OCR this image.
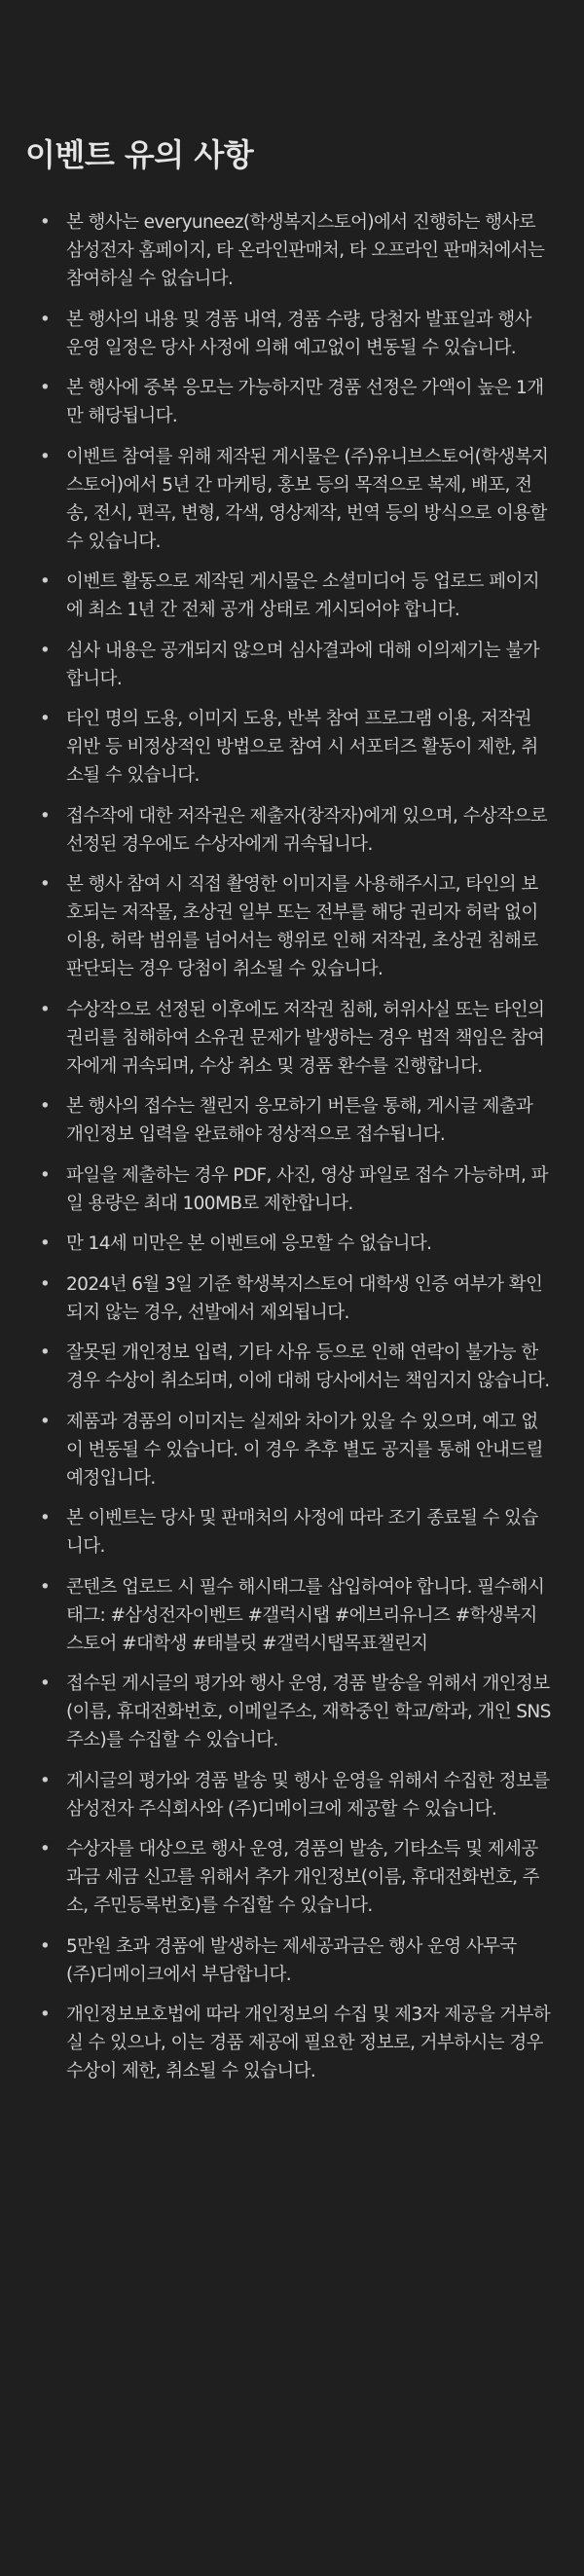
이벤트 유의 사항
• 본 행사는 everyuneez(학생복지스토어)에서 진행하는 행사로 삼성전자 홈페이지, 타 온라인판매처, 타 오프라인 판매처에서는 참여하실 수 없습니다.
• 본 행사의 내용 및 경품 내역, 경품 수량, 당첨자 발표일과 행사 운영 일정은 당사 사정에 의해 예고없이 변동될 수 있습니다.
• 본 행사에 중복 응모는 가능하지만 경품 선정은 가액이 높은 1개만 해당됩니다.
• 이벤트 참여를 위해 제작된 게시물은 (주)유니브스토어(학생복지스토어)에서 5년 간 마케팅, 홍보 등의 목적으로 복제, 배포, 전송, 전시, 편곡, 변형, 각색, 영상제작, 번역 등의 방식으로 이용할 수 있습니다.
• 이벤트 활동으로 제작된 게시물은 소셜미디어 등 업로드 페이지에 최소 1년 간 전체 공개 상태로 게시되어야 합니다.
• 심사 내용은 공개되지 않으며 심사결과에 대해 이의제기는 불가합니다.
• 타인 명의 도용, 이미지 도용, 반복 참여 프로그램 이용, 저작권 위반 등 비정상적인 방법으로 참여 시 서포터즈 활동이 제한, 취소될 수 있습니다.
• 접수작에 대한 저작권은 제출자(창작자)에게 있으며, 수상작으로 선정된 경우에도 수상자에게 귀속됩니다.
• 본 행사 참여 시 직접 촬영한 이미지를 사용해주시고, 타인의 보호되는 저작물, 초상권 일부 또는 전부를 해당 권리자 허락 없이 이용, 허락 범위를 넘어서는 행위로 인해 저작권, 초상권 침해로 판단되는 경우 당첨이 취소될 수 있습니다.
• 수상작으로 선정된 이후에도 저작권 침해, 허위사실 또는 타인의 권리를 침해하여 소유권 문제가 발생하는 경우 법적 책임은 참여자에게 귀속되며, 수상 취소 및 경품 환수를 진행합니다.
• 본 행사의 접수는 챌린지 응모하기 버튼을 통해, 게시글 제출과 개인정보 입력을 완료해야 정상적으로 접수됩니다.
• 파일을 제출하는 경우 PDF, 사진, 영상 파일로 접수 가능하며, 파일 용량은 최대 100MB로 제한합니다.
• 만 14세 미만은 본 이벤트에 응모할 수 없습니다.
• 2024년 6월 3일 기준 학생복지스토어 대학생 인증 여부가 확인되지 않는 경우, 선발에서 제외됩니다.
• 잘못된 개인정보 입력, 기타 사유 등으로 인해 연락이 불가능 한 경우 수상이 취소되며, 이에 대해 당사에서는 책임지지 않습니다.
• 제품과 경품의 이미지는 실제와 차이가 있을 수 있으며, 예고 없이 변동될 수 있습니다. 이 경우 추후 별도 공지를 통해 안내드릴 예정입니다.
• 본 이벤트는 당사 및 판매처의 사정에 따라 조기 종료될 수 있습니다.
• 콘텐츠 업로드 시 필수 해시태그를 삽입하여야 합니다. 필수해시태그: #삼성전자이벤트 #갤럭시탭 #에브리유니즈 #학생복지스토어 #대학생 #태블릿 #갤럭시탭목표챌린지
• 접수된 게시글의 평가와 행사 운영, 경품 발송을 위해서 개인정보(이름, 휴대전화번호, 이메일주소, 재학중인 학교/학과, 개인 SNS주소)를 수집할 수 있습니다.
• 게시글의 평가와 경품 발송 및 행사 운영을 위해서 수집한 정보를 삼성전자 주식회사와 (주)디메이크에 제공할 수 있습니다.
• 수상자를 대상으로 행사 운영, 경품의 발송, 기타소득 및 제세공과금 세금 신고를 위해서 추가 개인정보(이름, 휴대전화번호, 주소, 주민등록번호)를 수집할 수 있습니다.
• 5만원 초과 경품에 발생하는 제세공과금은 행사 운영 사무국 (주)디메이크에서 부담합니다.
• 개인정보보호법에 따라 개인정보의 수집 및 제3자 제공을 거부하실 수 있으나, 이는 경품 제공에 필요한 정보로, 거부하시는 경우 수상이 제한, 취소될 수 있습니다.
